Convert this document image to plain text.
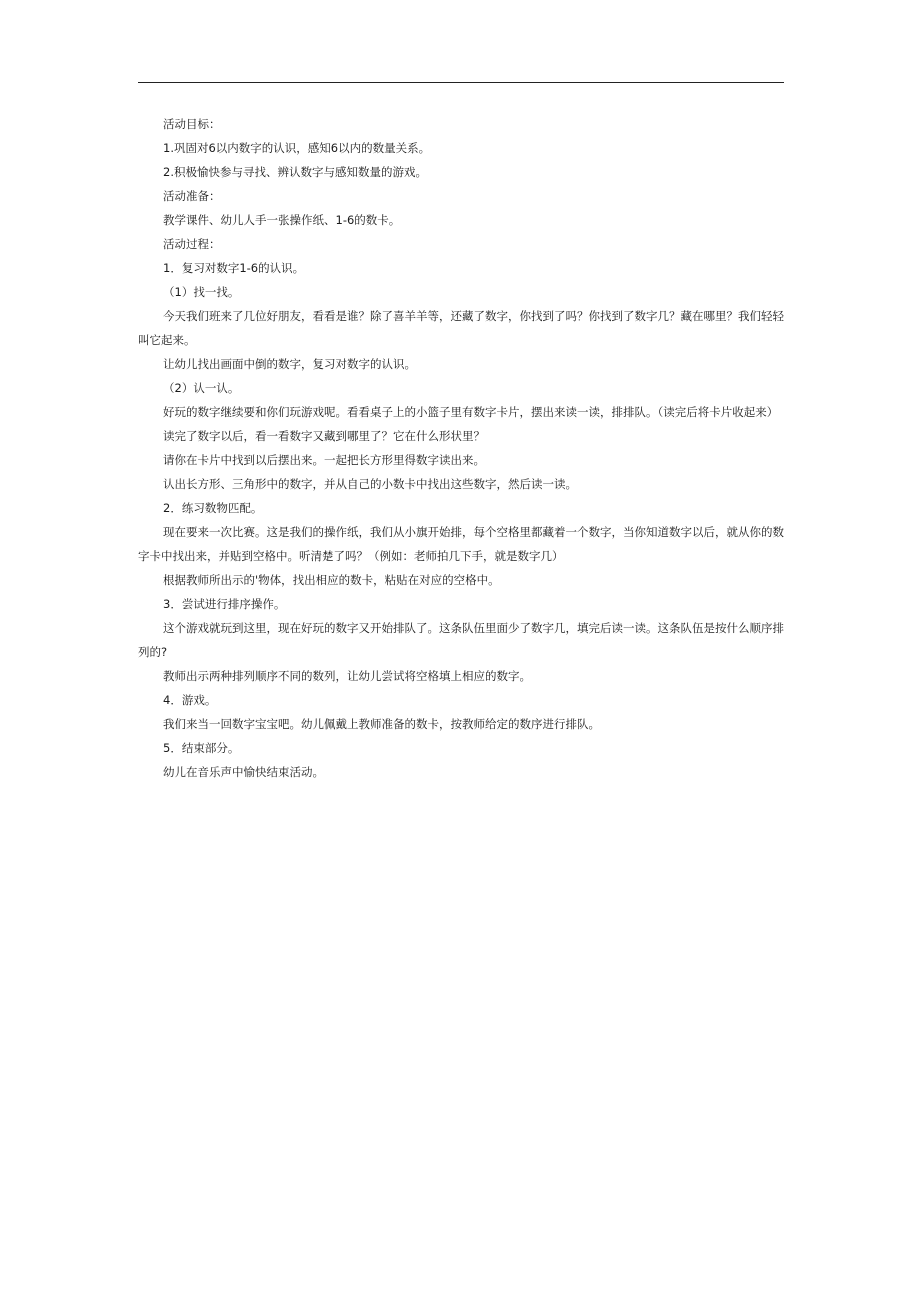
活动目标：

1.巩固对6以内数字的认识，感知6以内的数量关系。

2.积极愉快参与寻找、辨认数字与感知数量的游戏。

活动准备：

教学课件、幼儿人手一张操作纸、1-6的数卡。

活动过程：

1．复习对数字1-6的认识。

（1）找一找。

今天我们班来了几位好朋友，看看是谁？除了喜羊羊等，还藏了数字，你找到了吗？你找到了数字几？藏在哪里？我们轻轻叫它起来。

让幼儿找出画面中倒的数字，复习对数字的认识。

（2）认一认。

好玩的数字继续要和你们玩游戏呢。看看桌子上的小篮子里有数字卡片，摆出来读一读，排排队。（读完后将卡片收起来）

读完了数字以后，看一看数字又藏到哪里了？它在什么形状里？

请你在卡片中找到以后摆出来。一起把长方形里得数字读出来。

认出长方形、三角形中的数字，并从自己的小数卡中找出这些数字，然后读一读。

2．练习数物匹配。

现在要来一次比赛。这是我们的操作纸，我们从小旗开始排，每个空格里都藏着一个数字，当你知道数字以后，就从你的数字卡中找出来，并贴到空格中。听清楚了吗？（例如：老师拍几下手，就是数字几）

根据教师所出示的'物体，找出相应的数卡，粘贴在对应的空格中。

3．尝试进行排序操作。

这个游戏就玩到这里，现在好玩的数字又开始排队了。这条队伍里面少了数字几，填完后读一读。这条队伍是按什么顺序排列的?

教师出示两种排列顺序不同的数列，让幼儿尝试将空格填上相应的数字。

4．游戏。

我们来当一回数字宝宝吧。幼儿佩戴上教师准备的数卡，按教师给定的数序进行排队。

5．结束部分。

幼儿在音乐声中愉快结束活动。
